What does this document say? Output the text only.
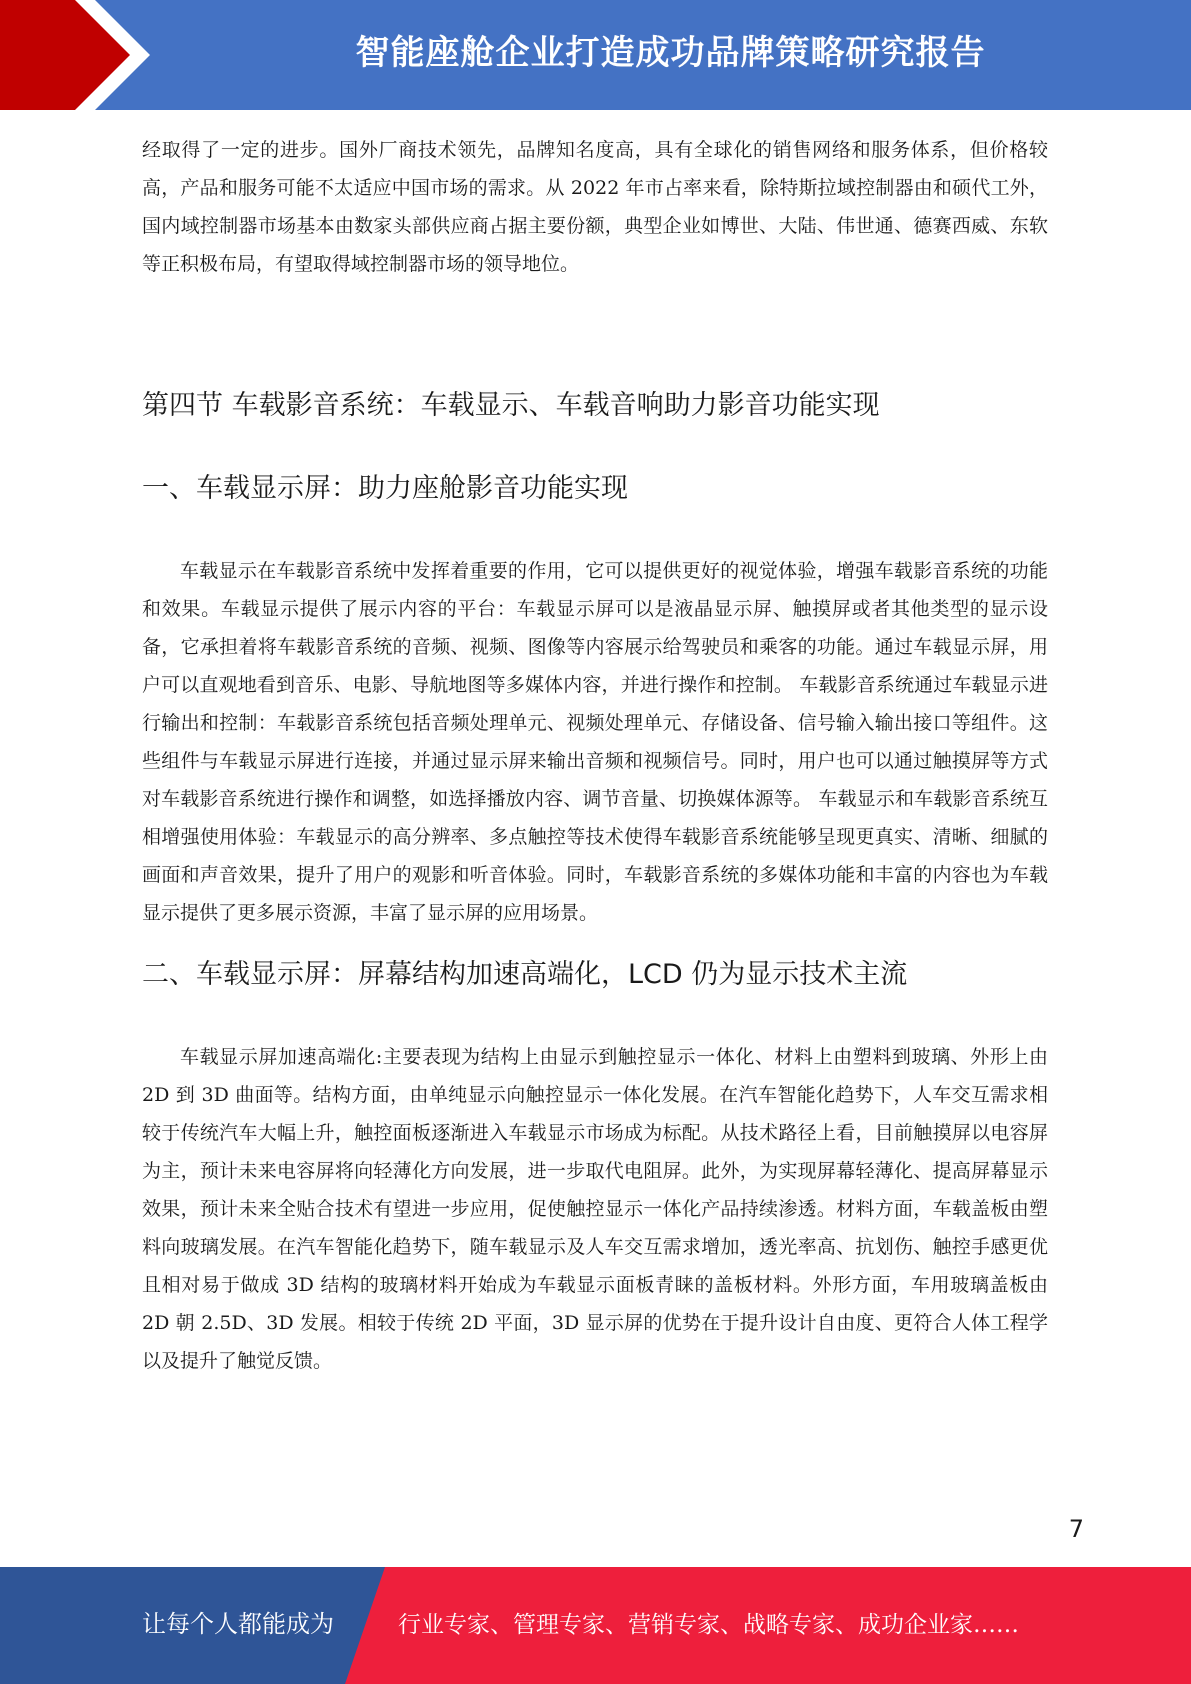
智能座舱企业打造成功品牌策略研究报告

经取得了一定的进步。国外厂商技术领先，品牌知名度高，具有全球化的销售网络和服务体系，但价格较高，产品和服务可能不太适应中国市场的需求。从 2022 年市占率来看，除特斯拉域控制器由和硕代工外，国内域控制器市场基本由数家头部供应商占据主要份额，典型企业如博世、大陆、伟世通、德赛西威、东软等正积极布局，有望取得域控制器市场的领导地位。

第四节 车载影音系统：车载显示、车载音响助力影音功能实现
一、车载显示屏：助力座舱影音功能实现

车载显示在车载影音系统中发挥着重要的作用，它可以提供更好的视觉体验，增强车载影音系统的功能和效果。车载显示提供了展示内容的平台：车载显示屏可以是液晶显示屏、触摸屏或者其他类型的显示设备，它承担着将车载影音系统的音频、视频、图像等内容展示给驾驶员和乘客的功能。通过车载显示屏，用户可以直观地看到音乐、电影、导航地图等多媒体内容，并进行操作和控制。 车载影音系统通过车载显示进行输出和控制：车载影音系统包括音频处理单元、视频处理单元、存储设备、信号输入输出接口等组件。这些组件与车载显示屏进行连接，并通过显示屏来输出音频和视频信号。同时，用户也可以通过触摸屏等方式对车载影音系统进行操作和调整，如选择播放内容、调节音量、切换媒体源等。 车载显示和车载影音系统互相增强使用体验：车载显示的高分辨率、多点触控等技术使得车载影音系统能够呈现更真实、清晰、细腻的画面和声音效果，提升了用户的观影和听音体验。同时，车载影音系统的多媒体功能和丰富的内容也为车载显示提供了更多展示资源，丰富了显示屏的应用场景。

二、车载显示屏：屏幕结构加速高端化，LCD 仍为显示技术主流

车载显示屏加速高端化:主要表现为结构上由显示到触控显示一体化、材料上由塑料到玻璃、外形上由 2D 到 3D 曲面等。结构方面，由单纯显示向触控显示一体化发展。在汽车智能化趋势下，人车交互需求相较于传统汽车大幅上升，触控面板逐渐进入车载显示市场成为标配。从技术路径上看，目前触摸屏以电容屏为主，预计未来电容屏将向轻薄化方向发展，进一步取代电阻屏。此外，为实现屏幕轻薄化、提高屏幕显示效果，预计未来全贴合技术有望进一步应用，促使触控显示一体化产品持续渗透。材料方面，车载盖板由塑料向玻璃发展。在汽车智能化趋势下，随车载显示及人车交互需求增加，透光率高、抗划伤、触控手感更优且相对易于做成 3D 结构的玻璃材料开始成为车载显示面板青睐的盖板材料。外形方面，车用玻璃盖板由 2D 朝 2.5D、3D 发展。相较于传统 2D 平面，3D 显示屏的优势在于提升设计自由度、更符合人体工程学以及提升了触觉反馈。

7
让每个人都能成为	行业专家、管理专家、营销专家、战略专家、成功企业家……
